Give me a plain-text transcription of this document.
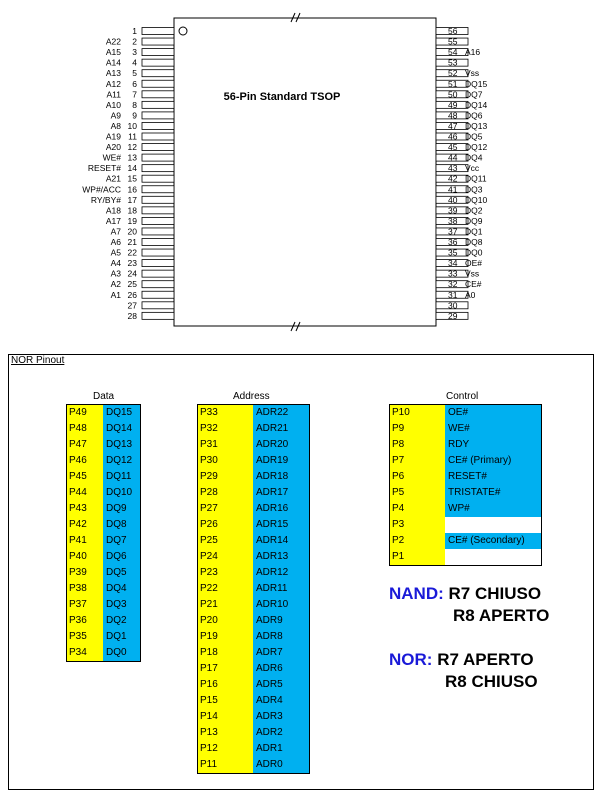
56-Pin Standard TSOP
1
2
A22
3
A15
4
A14
5
A13
6
A12
7
A11
8
A10
9
A9
10
A8
11
A19
12
A20
13
WE#
14
RESET#
15
A21
16
WP#/ACC
17
RY/BY#
18
A18
19
A17
20
A7
21
A6
22
A5
23
A4
24
A3
25
A2
26
A1
27
28
56
55
54 A16
53
52 Vss
51 DQ15
50 DQ7
49 DQ14
48 DQ6
47 DQ13
46 DQ5
45 DQ12
44 DQ4
43 Vcc
42 DQ11
41 DQ3
40 DQ10
39 DQ2
38 DQ9
37 DQ1
36 DQ8
35 DQ0
34 OE#
33 Vss
32 CE#
31 A0
30
29
NOR Pinout
Data
P49	DQ15
P48	DQ14
P47	DQ13
P46	DQ12
P45	DQ11
P44	DQ10
P43	DQ9
P42	DQ8
P41	DQ7
P40	DQ6
P39	DQ5
P38	DQ4
P37	DQ3
P36	DQ2
P35	DQ1
P34	DQ0
Address
P33	ADR22
P32	ADR21
P31	ADR20
P30	ADR19
P29	ADR18
P28	ADR17
P27	ADR16
P26	ADR15
P25	ADR14
P24	ADR13
P23	ADR12
P22	ADR11
P21	ADR10
P20	ADR9
P19	ADR8
P18	ADR7
P17	ADR6
P16	ADR5
P15	ADR4
P14	ADR3
P13	ADR2
P12	ADR1
P11	ADR0
Control
P10	OE#
P9	WE#
P8	RDY
P7	CE# (Primary)
P6	RESET#
P5	TRISTATE#
P4	WP#
P3
P2	CE# (Secondary)
P1
NAND: R7 CHIUSO
R8 APERTO
NOR: R7 APERTO
R8 CHIUSO
